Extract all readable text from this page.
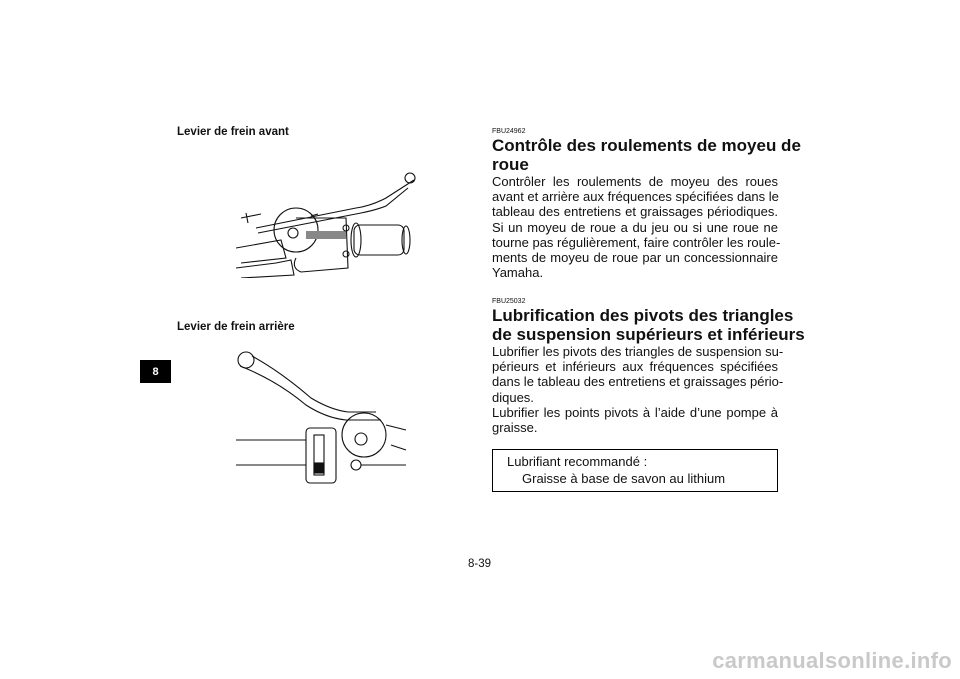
Levier de frein avant
Levier de frein arrière
8
FBU24962
Contrôle des roulements de moyeu de
roue
Contrôler les roulements de moyeu des roues
avant et arrière aux fréquences spécifiées dans le
tableau des entretiens et graissages périodiques.
Si un moyeu de roue a du jeu ou si une roue ne
tourne pas régulièrement, faire contrôler les roule-
ments de moyeu de roue par un concessionnaire
Yamaha.
FBU25032
Lubrification des pivots des triangles
de suspension supérieurs et inférieurs
Lubrifier les pivots des triangles de suspension su-
périeurs et inférieurs aux fréquences spécifiées
dans le tableau des entretiens et graissages pério-
diques.
Lubrifier les points pivots à l’aide d’une pompe à
graisse.
Lubrifiant recommandé :
Graisse à base de savon au lithium
8-39
carmanualsonline.info
